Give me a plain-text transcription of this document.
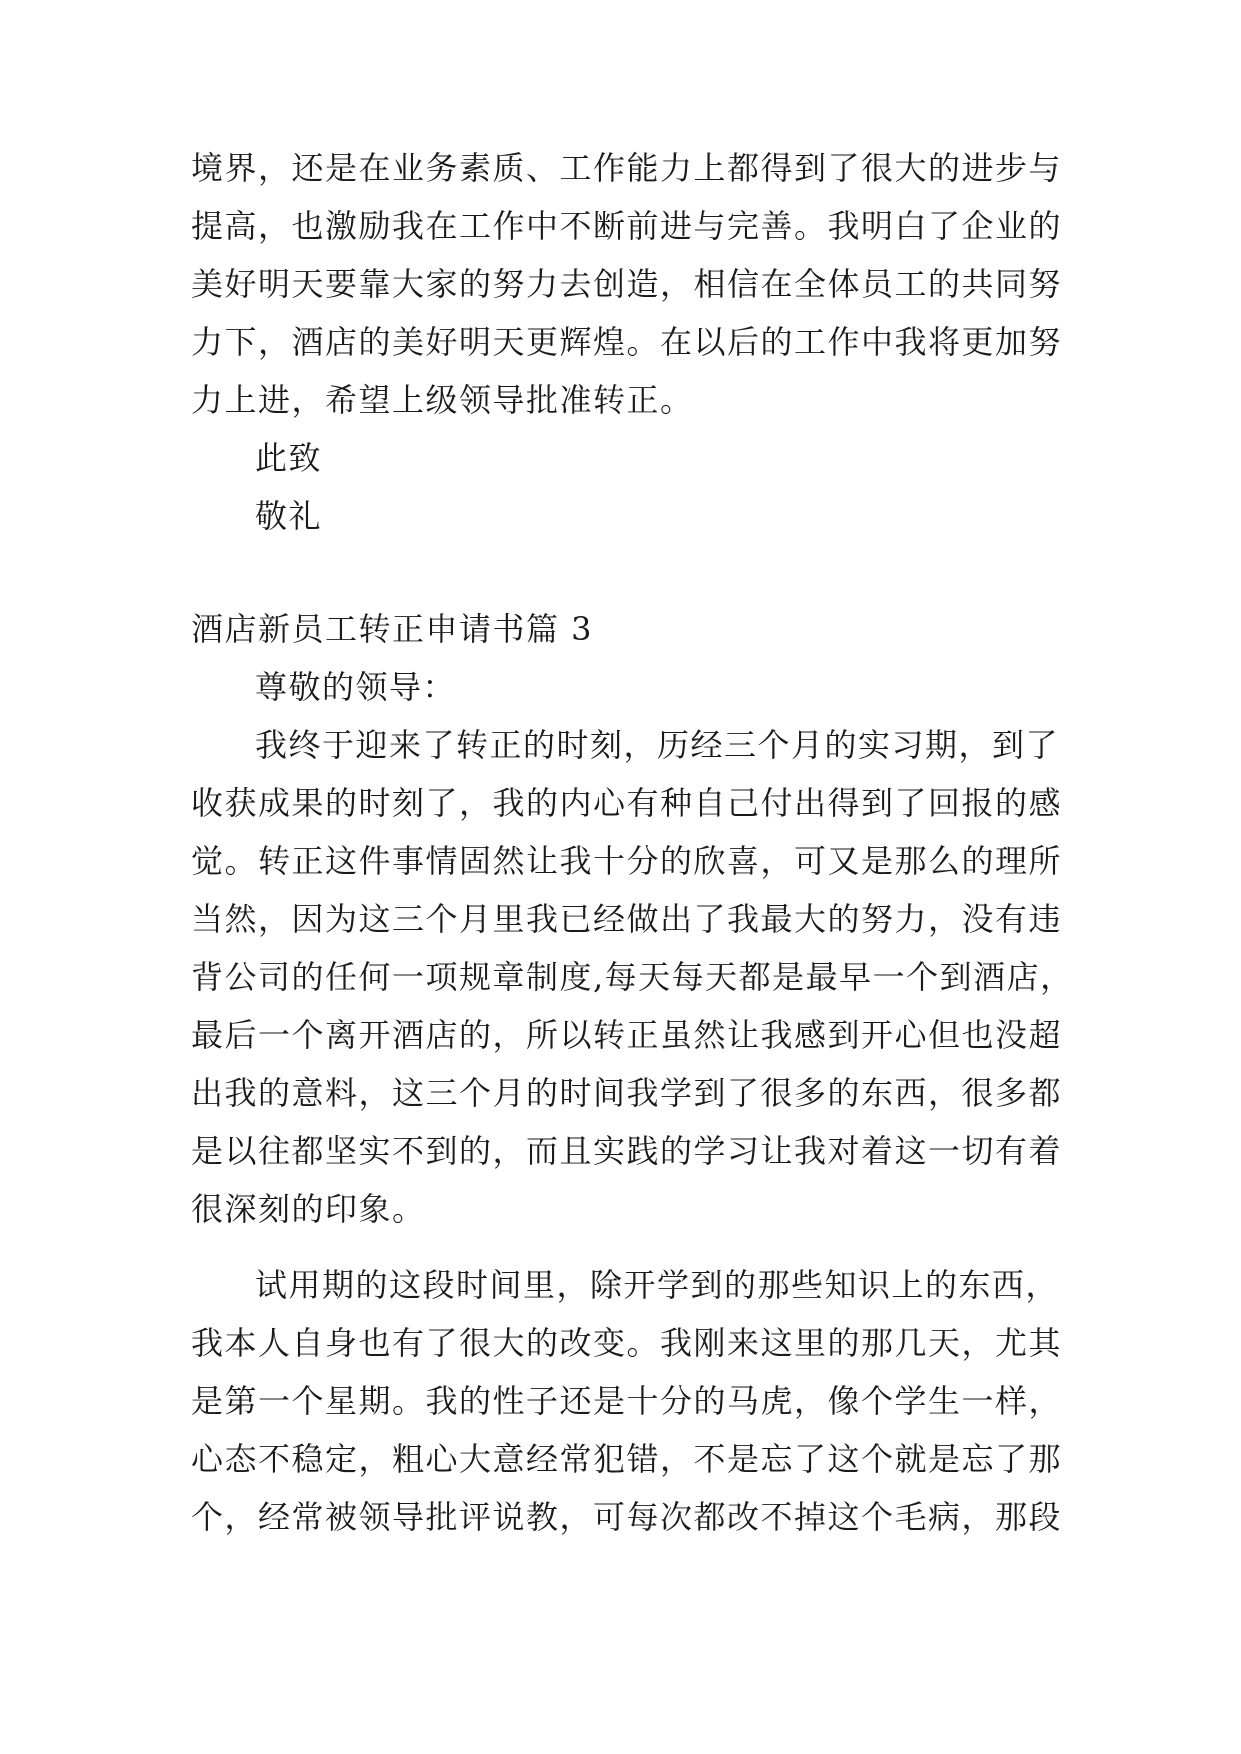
境界，还是在业务素质、工作能力上都得到了很大的进步与
提高，也激励我在工作中不断前进与完善。我明白了企业的
美好明天要靠大家的努力去创造，相信在全体员工的共同努
力下，酒店的美好明天更辉煌。在以后的工作中我将更加努
力上进，希望上级领导批准转正。
此致
敬礼
酒店新员工转正申请书篇 3
尊敬的领导：
我终于迎来了转正的时刻，历经三个月的实习期，到了
收获成果的时刻了，我的内心有种自己付出得到了回报的感
觉。转正这件事情固然让我十分的欣喜，可又是那么的理所
当然，因为这三个月里我已经做出了我最大的努力，没有违
背公司的任何一项规章制度,每天每天都是最早一个到酒店，
最后一个离开酒店的，所以转正虽然让我感到开心但也没超
出我的意料，这三个月的时间我学到了很多的东西，很多都
是以往都坚实不到的，而且实践的学习让我对着这一切有着
很深刻的印象。
试用期的这段时间里，除开学到的那些知识上的东西，
我本人自身也有了很大的改变。我刚来这里的那几天，尤其
是第一个星期。我的性子还是十分的马虎，像个学生一样，
心态不稳定，粗心大意经常犯错，不是忘了这个就是忘了那
个，经常被领导批评说教，可每次都改不掉这个毛病，那段
